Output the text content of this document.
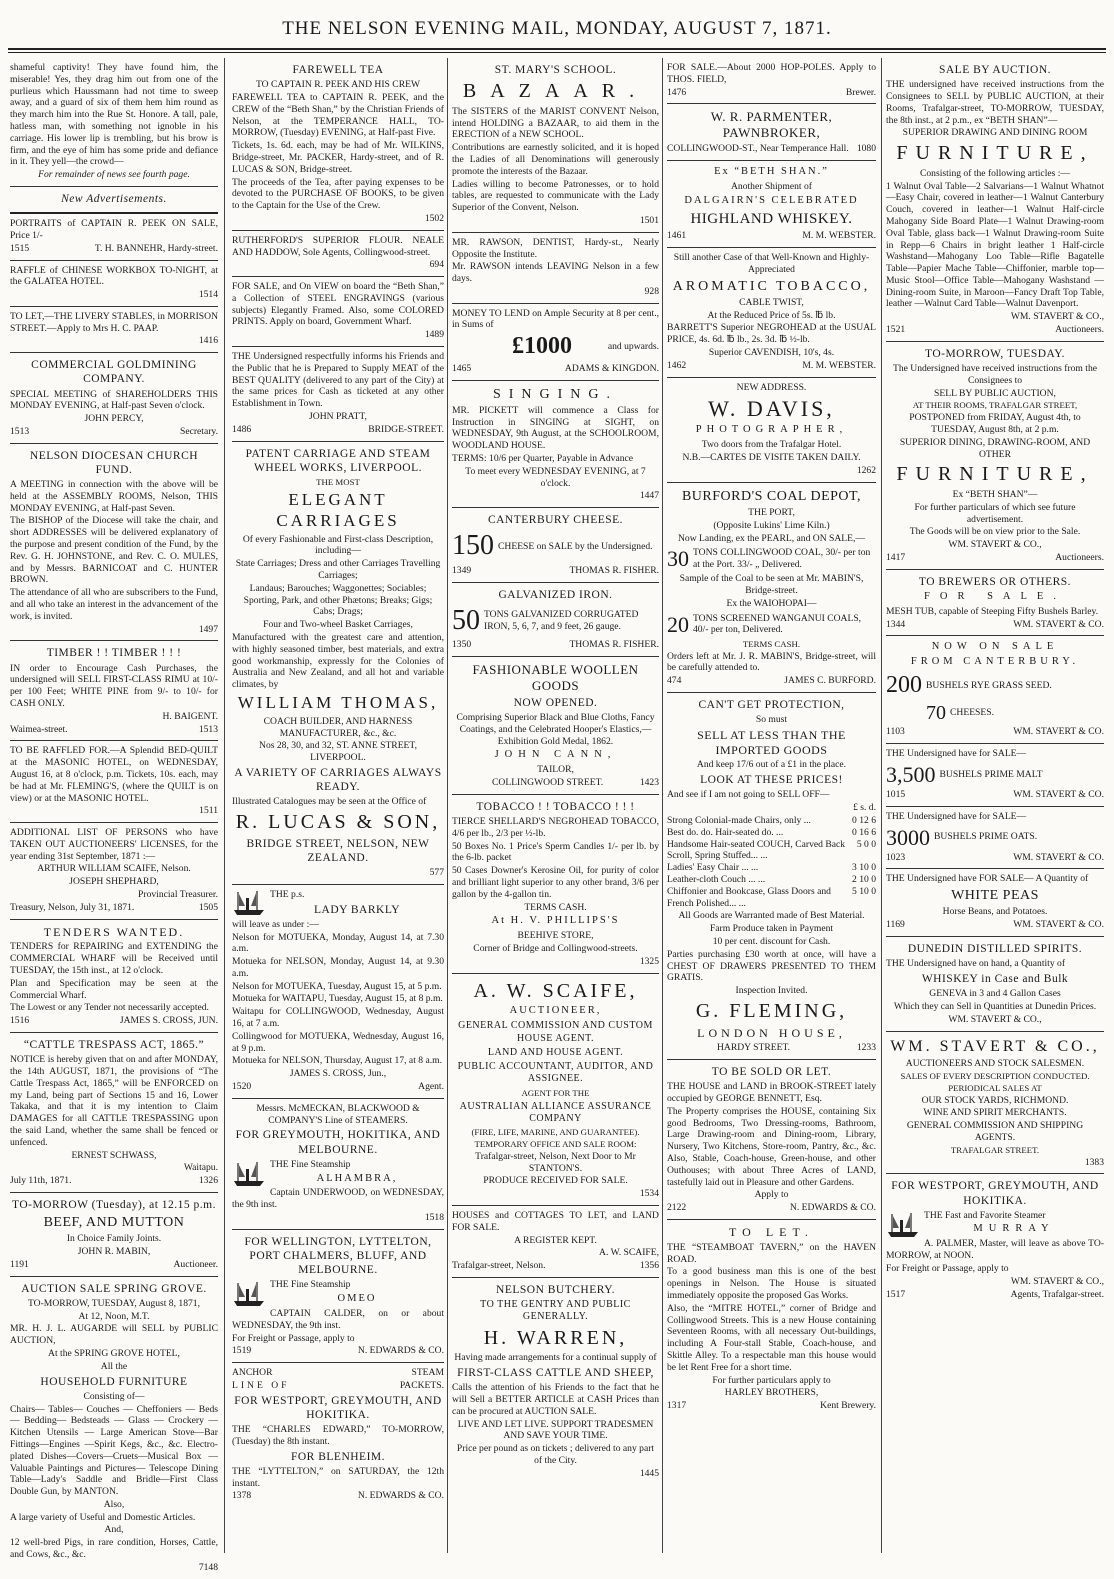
THE NELSON EVENING MAIL, MONDAY, AUGUST 7, 1871.

shameful captivity! They have found him, the miserable! Yes, they drag him out from one of the purlieus which Haussmann had not time to sweep away, and a guard of six of them hem him round as they march him into the Rue St. Honore. A tall, pale, hatless man, with something not ignoble in his carriage. His lower lip is trembling, but his brow is firm, and the eye of him has some pride and defiance in it. They yell—the crowd—

For remainder of news see fourth page.

New Advertisements.

PORTRAITS of CAPTAIN R. PEEK ON SALE, Price 1/-

1515	T. H. BANNEHR, Hardy-street.

RAFFLE of CHINESE WORKBOX TO-NIGHT, at the GALATEA HOTEL.

1514

TO LET,—THE LIVERY STABLES, in MORRISON STREET.—Apply to Mrs H. C. PAAP.

1416

COMMERCIAL GOLDMINING COMPANY.

SPECIAL MEETING of SHAREHOLDERS THIS MONDAY EVENING, at Half-past Seven o'clock.

JOHN PERCY,

1513	Secretary.

NELSON DIOCESAN CHURCH FUND.

A MEETING in connection with the above will be held at the ASSEMBLY ROOMS, Nelson, THIS MONDAY EVENING, at Half-past Seven.

The BISHOP of the Diocese will take the chair, and short ADDRESSES will be delivered explanatory of the purpose and present condition of the Fund, by the Rev. G. H. JOHNSTONE, and Rev. C. O. MULES, and by Messrs. BARNICOAT and C. HUNTER BROWN.

The attendance of all who are subscribers to the Fund, and all who take an interest in the advancement of the work, is invited.

1497

TIMBER ! ! TIMBER ! ! !

IN order to Encourage Cash Purchases, the undersigned will SELL FIRST-CLASS RIMU at 10/- per 100 Feet; WHITE PINE from 9/- to 10/- for CASH ONLY.

H. BAIGENT.

Waimea-street.	1513

TO BE RAFFLED FOR.—A Splendid BED-QUILT at the MASONIC HOTEL, on WEDNESDAY, August 16, at 8 o'clock, p.m. Tickets, 10s. each, may be had at Mr. FLEMING'S, (where the QUILT is on view) or at the MASONIC HOTEL.

1511

ADDITIONAL LIST OF PERSONS who have TAKEN OUT AUCTIONEERS' LICENSES, for the year ending 31st September, 1871 :—

ARTHUR WILLIAM SCAIFE, Nelson.

JOSEPH SHEPHARD,

Provincial Treasurer.

Treasury, Nelson, July 31, 1871.	1505

TENDERS WANTED.

TENDERS for REPAIRING and EXTENDING the COMMERCIAL WHARF will be Received until TUESDAY, the 15th inst., at 12 o'clock.

Plan and Specification may be seen at the Commercial Wharf.

The Lowest or any Tender not necessarily accepted.

1516	JAMES S. CROSS, JUN.

“CATTLE TRESPASS ACT, 1865.”

NOTICE is hereby given that on and after MONDAY, the 14th AUGUST, 1871, the provisions of “The Cattle Trespass Act, 1865,” will be ENFORCED on my Land, being part of Sections 15 and 16, Lower Takaka, and that it is my intention to Claim DAMAGES for all CATTLE TRESPASSING upon the said Land, whether the same shall be fenced or unfenced.

ERNEST SCHWASS,

Waitapu.

July 11th, 1871.	1326

TO-MORROW (Tuesday), at 12.15 p.m.

BEEF, AND MUTTON

In Choice Family Joints.

JOHN R. MABIN,

1191	Auctioneer.

AUCTION SALE SPRING GROVE.

TO-MORROW, TUESDAY, August 8, 1871,

At 12, Noon, M.T.

MR. H. J. L. AUGARDE will SELL by PUBLIC AUCTION,

At the SPRING GROVE HOTEL,

All the

HOUSEHOLD FURNITURE

Consisting of—

Chairs— Tables— Couches — Cheffoniers — Beds— Bedding— Bedsteads — Glass — Crockery — Kitchen Utensils — Large American Stove—Bar Fittings—Engines —Spirit Kegs, &c., &c. Electro-plated Dishes—Covers—Cruets—Musical Box —Valuable Paintings and Pictures— Telescope Dining Table—Lady's Saddle and Bridle—First Class Double Gun, by MANTON.

Also,

A large variety of Useful and Domestic Articles.

And,

12 well-bred Pigs, in rare condition, Horses, Cattle, and Cows, &c., &c.

7148

FAREWELL TEA

TO CAPTAIN R. PEEK AND HIS CREW

FAREWELL TEA to CAPTAIN R. PEEK, and the CREW of the “Beth Shan,” by the Christian Friends of Nelson, at the TEMPERANCE HALL, TO-MORROW, (Tuesday) EVENING, at Half-past Five.

Tickets, 1s. 6d. each, may be had of Mr. WILKINS, Bridge-street, Mr. PACKER, Hardy-street, and of R. LUCAS & SON, Bridge-street.

The proceeds of the Tea, after paying expenses to be devoted to the PURCHASE OF BOOKS, to be given to the Captain for the Use of the Crew.

1502

RUTHERFORD'S SUPERIOR FLOUR. NEALE AND HADDOW, Sole Agents, Collingwood-street.

694

FOR SALE, and On VIEW on board the “Beth Shan,” a Collection of STEEL ENGRAVINGS (various subjects) Elegantly Framed. Also, some COLORED PRINTS. Apply on board, Government Wharf.

1489

THE Undersigned respectfully informs his Friends and the Public that he is Prepared to Supply MEAT of the BEST QUALITY (delivered to any part of the City) at the same prices for Cash as ticketed at any other Establishment in Town.

JOHN PRATT,

1486	BRIDGE-STREET.

PATENT CARRIAGE AND STEAM WHEEL WORKS, LIVERPOOL.

THE MOST

ELEGANT CARRIAGES

Of every Fashionable and First-class Description, including—

State Carriages; Dress and other Carriages Travelling Carriages;

Landaus; Barouches; Waggonettes; Sociables; Sporting, Park, and other Phætons; Breaks; Gigs; Cabs; Drags;

Four and Two-wheel Basket Carriages,

Manufactured with the greatest care and attention, with highly seasoned timber, best materials, and extra good workmanship, expressly for the Colonies of Australia and New Zealand, and all hot and variable climates, by

WILLIAM THOMAS,

COACH BUILDER, AND HARNESS MANUFACTURER, &c., &c.

Nos 28, 30, and 32, ST. ANNE STREET, LIVERPOOL.

A VARIETY OF CARRIAGES ALWAYS READY.

Illustrated Catalogues may be seen at the Office of

R. LUCAS & SON,

BRIDGE STREET, NELSON, NEW ZEALAND.

577

THE p.s.

LADY BARKLY

will leave as under :—

Nelson for MOTUEKA, Monday, August 14, at 7.30 a.m.

Motueka for NELSON, Monday, August 14, at 9.30 a.m.

Nelson for MOTUEKA, Tuesday, August 15, at 5 p.m.

Motueka for WAITAPU, Tuesday, August 15, at 8 p.m.

Waitapu for COLLINGWOOD, Wednesday, August 16, at 7 a.m.

Collingwood for MOTUEKA, Wednesday, August 16, at 9 p.m.

Motueka for NELSON, Thursday, August 17, at 8 a.m.

JAMES S. CROSS, Jun.,

1520	Agent.

Messrs. McMECKAN, BLACKWOOD & COMPANY'S Line of STEAMERS.

FOR GREYMOUTH, HOKITIKA, AND MELBOURNE.

THE Fine Steamship

ALHAMBRA,

Captain UNDERWOOD, on WEDNESDAY, the 9th inst.

1518

FOR WELLINGTON, LYTTELTON, PORT CHALMERS, BLUFF, AND MELBOURNE.

THE Fine Steamship

OMEO

CAPTAIN CALDER, on or about WEDNESDAY, the 9th inst.

For Freight or Passage, apply to

1519	N. EDWARDS & CO.
ANCHOR	STEAM
LINE OF	PACKETS.

FOR WESTPORT, GREYMOUTH, AND HOKITIKA.

THE “CHARLES EDWARD,” TO-MORROW, (Tuesday) the 8th instant.

FOR BLENHEIM.

THE “LYTTELTON,” on SATURDAY, the 12th instant.

1378	N. EDWARDS & CO.

ST. MARY'S SCHOOL.

BAZAAR.

The SISTERS of the MARIST CONVENT Nelson, intend HOLDING a BAZAAR, to aid them in the ERECTION of a NEW SCHOOL.

Contributions are earnestly solicited, and it is hoped the Ladies of all Denominations will generously promote the interests of the Bazaar.

Ladies willing to become Patronesses, or to hold tables, are requested to communicate with the Lady Superior of the Convent, Nelson.

1501

MR. RAWSON, DENTIST, Hardy-st., Nearly Opposite the Institute.

Mr. RAWSON intends LEAVING Nelson in a few days.

928

MONEY TO LEND on Ample Security at 8 per cent., in Sums of

£1000	and upwards.
1465	ADAMS & KINGDON.

SINGING.

MR. PICKETT will commence a Class for Instruction in SINGING at SIGHT, on WEDNESDAY, 9th August, at the SCHOOLROOM, WOODLAND HOUSE.

TERMS: 10/6 per Quarter, Payable in Advance

To meet every WEDNESDAY EVENING, at 7 o'clock.

1447

CANTERBURY CHEESE.

150 CHEESE on SALE by the Undersigned.
1349	THOMAS R. FISHER.

GALVANIZED IRON.

50 TONS GALVANIZED CORRUGATED IRON, 5, 6, 7, and 9 feet, 26 gauge.
1350	THOMAS R. FISHER.

FASHIONABLE WOOLLEN GOODS

NOW OPENED.

Comprising Superior Black and Blue Cloths, Fancy Coatings, and the Celebrated Hooper's Elastics,—Exhibition Gold Medal, 1862.

JOHN CANN,

TAILOR,

COLLINGWOOD STREET.	1423

TOBACCO ! ! TOBACCO ! ! !

TIERCE SHELLARD'S NEGROHEAD TOBACCO, 4/6 per lb., 2/3 per ½-lb.

50 Boxes No. 1 Price's Sperm Candles 1/- per lb. by the 6-lb. packet

50 Cases Downer's Kerosine Oil, for purity of color and brilliant light superior to any other brand, 3/6 per gallon by the 4-gallon tin.

TERMS CASH.

At H. V. PHILLIPS'S

BEEHIVE STORE,

Corner of Bridge and Collingwood-streets.

1325

A. W. SCAIFE,

AUCTIONEER,

GENERAL COMMISSION AND CUSTOM HOUSE AGENT.

LAND AND HOUSE AGENT.

PUBLIC ACCOUNTANT, AUDITOR, AND ASSIGNEE.

AGENT FOR THE

AUSTRALIAN ALLIANCE ASSURANCE COMPANY

(FIRE, LIFE, MARINE, AND GUARANTEE).

TEMPORARY OFFICE AND SALE ROOM:

Trafalgar-street, Nelson, Next Door to Mr STANTON'S.

PRODUCE RECEIVED FOR SALE.

1534

HOUSES and COTTAGES TO LET, and LAND FOR SALE.

A REGISTER KEPT.

A. W. SCAIFE,

Trafalgar-street, Nelson.	1356

NELSON BUTCHERY.

TO THE GENTRY AND PUBLIC GENERALLY.

H. WARREN,

Having made arrangements for a continual supply of

FIRST-CLASS CATTLE AND SHEEP,

Calls the attention of his Friends to the fact that he will Sell a BETTER ARTICLE at CASH Prices than can be procured at AUCTION SALE.

LIVE AND LET LIVE. SUPPORT TRADESMEN AND SAVE YOUR TIME.

Price per pound as on tickets ; delivered to any part of the City.

1445

FOR SALE.—About 2000 HOP-POLES. Apply to THOS. FIELD,

1476	Brewer.

W. R. PARMENTER, PAWNBROKER,

COLLINGWOOD-ST., Near Temperance Hall. 1080

Ex “BETH SHAN.”

Another Shipment of

DALGAIRN'S CELEBRATED

HIGHLAND WHISKEY.

1461	M. M. WEBSTER.

Still another Case of that Well-Known and Highly-Appreciated

AROMATIC TOBACCO,

CABLE TWIST,

At the Reduced Price of 5s. ℔ lb.

BARRETT'S Superior NEGROHEAD at the USUAL PRICE, 4s. 6d. ℔ lb., 2s. 3d. ℔ ½-lb.

Superior CAVENDISH, 10's, 4s.

1462	M. M. WEBSTER.

NEW ADDRESS.

W. DAVIS,

PHOTOGRAPHER,

Two doors from the Trafalgar Hotel.

N.B.—CARTES DE VISITE TAKEN DAILY.

1262

BURFORD'S COAL DEPOT,

THE PORT,

(Opposite Lukins' Lime Kiln.)

Now Landing, ex the PEARL, and ON SALE,—

30 TONS COLLINGWOOD COAL, 30/- per ton at the Port. 33/- „ Delivered.

Sample of the Coal to be seen at Mr. MABIN'S, Bridge-street.

Ex the WAIOHOPAI—

20 TONS SCREENED WANGANUI COALS, 40/- per ton, Delivered.

TERMS CASH.

Orders left at Mr. J. R. MABIN'S, Bridge-street, will be carefully attended to.

474	JAMES C. BURFORD.

CAN'T GET PROTECTION,

So must

SELL AT LESS THAN THE IMPORTED GOODS

And keep 17/6 out of a £1 in the place.

LOOK AT THESE PRICES!

And see if I am not going to SELL OFF—

£ s. d.

Strong Colonial-made Chairs, only ...	0 12 6
Best do. do. Hair-seated do. ...	0 16 6
Handsome Hair-seated COUCH, Carved Back Scroll, Spring Stuffed... ...
5 0 0
Ladies' Easy Chair ... ...	3 10 0
Leather-cloth Couch ... ...	2 10 0
Chiffonier and Bookcase, Glass Doors and French Polished... ...
5 10 0

All Goods are Warranted made of Best Material.

Farm Produce taken in Payment

10 per cent. discount for Cash.

Parties purchasing £30 worth at once, will have a CHEST OF DRAWERS PRESENTED TO THEM GRATIS.

Inspection Invited.

G. FLEMING,

LONDON HOUSE,

HARDY STREET.	1233

TO BE SOLD OR LET.

THE HOUSE and LAND in BROOK-STREET lately occupied by GEORGE BENNETT, Esq.

The Property comprises the HOUSE, containing Six good Bedrooms, Two Dressing-rooms, Bathroom, Large Drawing-room and Dining-room, Library, Nursery, Two Kitchens, Store-room, Pantry, &c., &c. Also, Stable, Coach-house, Green-house, and other Outhouses; with about Three Acres of LAND, tastefully laid out in Pleasure and other Gardens.

Apply to

2122	N. EDWARDS & CO.

TO LET.

THE “STEAMBOAT TAVERN,” on the HAVEN ROAD.

To a good business man this is one of the best openings in Nelson. The House is situated immediately opposite the proposed Gas Works.

Also, the “MITRE HOTEL,” corner of Bridge and Collingwood Streets. This is a new House containing Seventeen Rooms, with all necessary Out-buildings, including A Four-stall Stable, Coach-house, and Skittle Alley. To a respectable man this house would be let Rent Free for a short time.

For further particulars apply to

HARLEY BROTHERS,

1317	Kent Brewery.

SALE BY AUCTION.

THE undersigned have received instructions from the Consignees to SELL by PUBLIC AUCTION, at their Rooms, Trafalgar-street, TO-MORROW, TUESDAY, the 8th inst., at 2 p.m., ex “BETH SHAN”—

SUPERIOR DRAWING AND DINING ROOM

FURNITURE,

Consisting of the following articles :—

1 Walnut Oval Table—2 Salvarians—1 Walnut Whatnot—Easy Chair, covered in leather—1 Walnut Canterbury Couch, covered in leather—1 Walnut Half-circle Mahogany Side Board Plate—1 Walnut Drawing-room Oval Table, glass back—1 Walnut Drawing-room Suite in Repp—6 Chairs in bright leather 1 Half-circle Washstand—Mahogany Loo Table—Rifle Bagatelle Table—Papier Mache Table—Chiffonier, marble top—Music Stool—Office Table—Mahogany Washstand — Dining-room Suite, in Maroon—Fancy Draft Top Table, leather —Walnut Card Table—Walnut Davenport.

WM. STAVERT & CO.,

1521	Auctioneers.

TO-MORROW, TUESDAY.

The Undersigned have received instructions from the Consignees to

SELL BY PUBLIC AUCTION,

AT THEIR ROOMS, TRAFALGAR STREET,

POSTPONED from FRIDAY, August 4th, to TUESDAY, August 8th, at 2 p.m.

SUPERIOR DINING, DRAWING-ROOM, AND OTHER

FURNITURE,

Ex “BETH SHAN”—

For further particulars of which see future advertisement.

The Goods will be on view prior to the Sale.

WM. STAVERT & CO.,

1417	Auctioneers.

TO BREWERS OR OTHERS.

FOR SALE.

MESH TUB, capable of Steeping Fifty Bushels Barley.

1344	WM. STAVERT & CO.

NOW ON SALE

FROM CANTERBURY.

200 BUSHELS RYE GRASS SEED.
70 CHEESES.
1103	WM. STAVERT & CO.

THE Undersigned have for SALE—

3,500 BUSHELS PRIME MALT
1015	WM. STAVERT & CO.

THE Undersigned have for SALE—

3000 BUSHELS PRIME OATS.
1023	WM. STAVERT & CO.

THE Undersigned have FOR SALE— A Quantity of

WHITE PEAS

Horse Beans, and Potatoes.

1169	WM. STAVERT & CO.

DUNEDIN DISTILLED SPIRITS.

THE Undersigned have on hand, a Quantity of

WHISKEY in Case and Bulk

GENEVA in 3 and 4 Gallon Cases

Which they can Sell in Quantities at Dunedin Prices.

WM. STAVERT & CO.,

WM. STAVERT & CO.,

AUCTIONEERS AND STOCK SALESMEN.

SALES OF EVERY DESCRIPTION CONDUCTED.

PERIODICAL SALES AT

OUR STOCK YARDS, RICHMOND.

WINE AND SPIRIT MERCHANTS.

GENERAL COMMISSION AND SHIPPING AGENTS.

TRAFALGAR STREET.

1383

FOR WESTPORT, GREYMOUTH, AND HOKITIKA.

THE Fast and Favorite Steamer

MURRAY

A. PALMER, Master, will leave as above TO-MORROW, at NOON.

For Freight or Passage, apply to

WM. STAVERT & CO.,

1517	Agents, Trafalgar-street.
